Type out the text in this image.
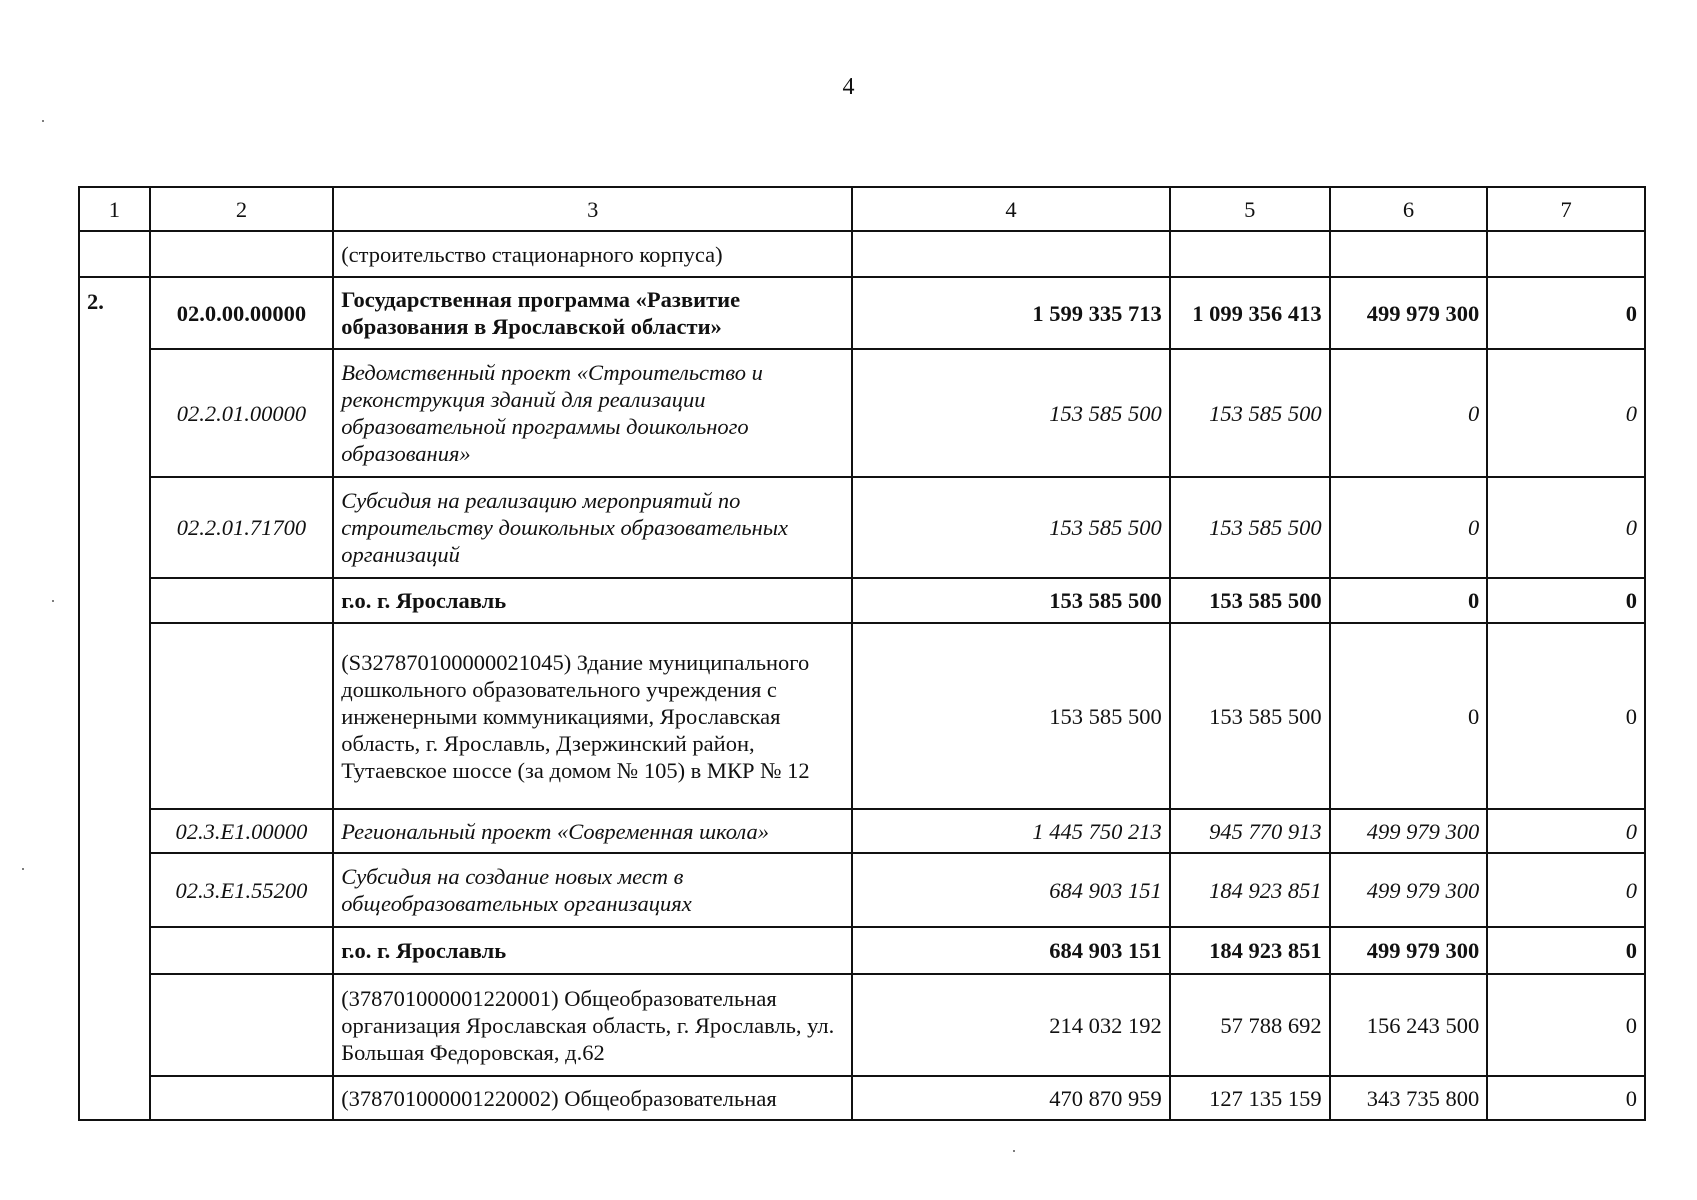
4
1	2	3	4	5	6	7
		(строительство стационарного корпуса)				
2.	02.0.00.00000	Государственная программа «Развитие образования в Ярославской области»	1 599 335 713	1 099 356 413	499 979 300	0
	02.2.01.00000	Ведомственный проект «Строительство и реконструкция зданий для реализации образовательной программы дошкольного образования»	153 585 500	153 585 500	0	0
	02.2.01.71700	Субсидия на реализацию мероприятий по строительству дошкольных образовательных организаций	153 585 500	153 585 500	0	0
		г.о. г. Ярославль	153 585 500	153 585 500	0	0
		(S327870100000021045) Здание муниципального дошкольного образовательного учреждения с инженерными коммуникациями, Ярославская область, г. Ярославль, Дзержинский район, Тутаевское шоссе (за домом № 105) в МКР № 12	153 585 500	153 585 500	0	0
	02.3.E1.00000	Региональный проект «Современная школа»	1 445 750 213	945 770 913	499 979 300	0
	02.3.E1.55200	Субсидия на создание новых мест в общеобразовательных организациях	684 903 151	184 923 851	499 979 300	0
		г.о. г. Ярославль	684 903 151	184 923 851	499 979 300	0
		(378701000001220001) Общеобразовательная организация Ярославская область, г. Ярославль, ул. Большая Федоровская, д.62	214 032 192	57 788 692	156 243 500	0
		(378701000001220002) Общеобразовательная	470 870 959	127 135 159	343 735 800	0
